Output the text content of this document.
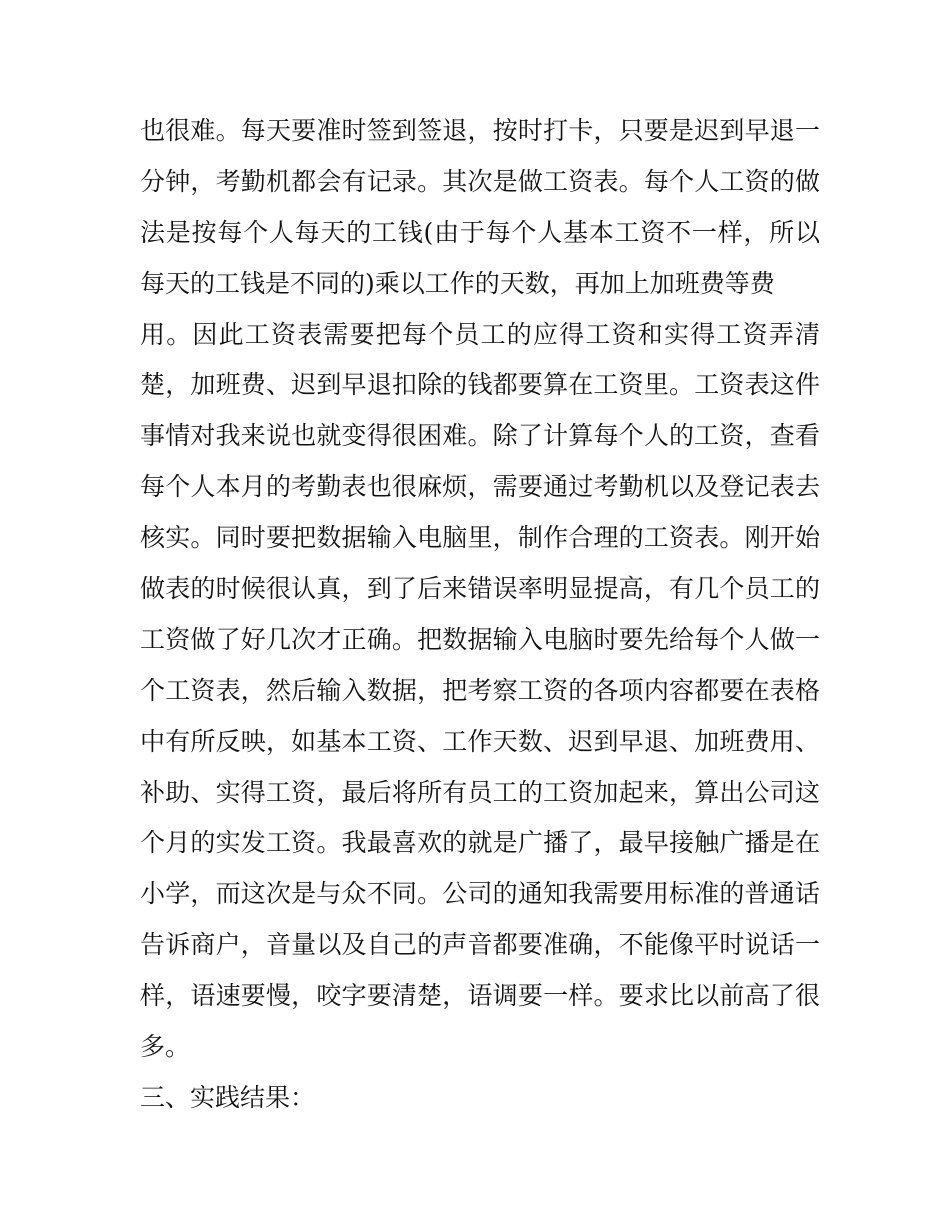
也很难。每天要准时签到签退，按时打卡，只要是迟到早退一
分钟，考勤机都会有记录。其次是做工资表。每个人工资的做
法是按每个人每天的工钱(由于每个人基本工资不一样，所以
每天的工钱是不同的)乘以工作的天数，再加上加班费等费
用。因此工资表需要把每个员工的应得工资和实得工资弄清
楚，加班费、迟到早退扣除的钱都要算在工资里。工资表这件
事情对我来说也就变得很困难。除了计算每个人的工资，查看
每个人本月的考勤表也很麻烦，需要通过考勤机以及登记表去
核实。同时要把数据输入电脑里，制作合理的工资表。刚开始
做表的时候很认真，到了后来错误率明显提高，有几个员工的
工资做了好几次才正确。把数据输入电脑时要先给每个人做一
个工资表，然后输入数据，把考察工资的各项内容都要在表格
中有所反映，如基本工资、工作天数、迟到早退、加班费用、
补助、实得工资，最后将所有员工的工资加起来，算出公司这
个月的实发工资。我最喜欢的就是广播了，最早接触广播是在
小学，而这次是与众不同。公司的通知我需要用标准的普通话
告诉商户，音量以及自己的声音都要准确，不能像平时说话一
样，语速要慢，咬字要清楚，语调要一样。要求比以前高了很
多。
三、实践结果：
